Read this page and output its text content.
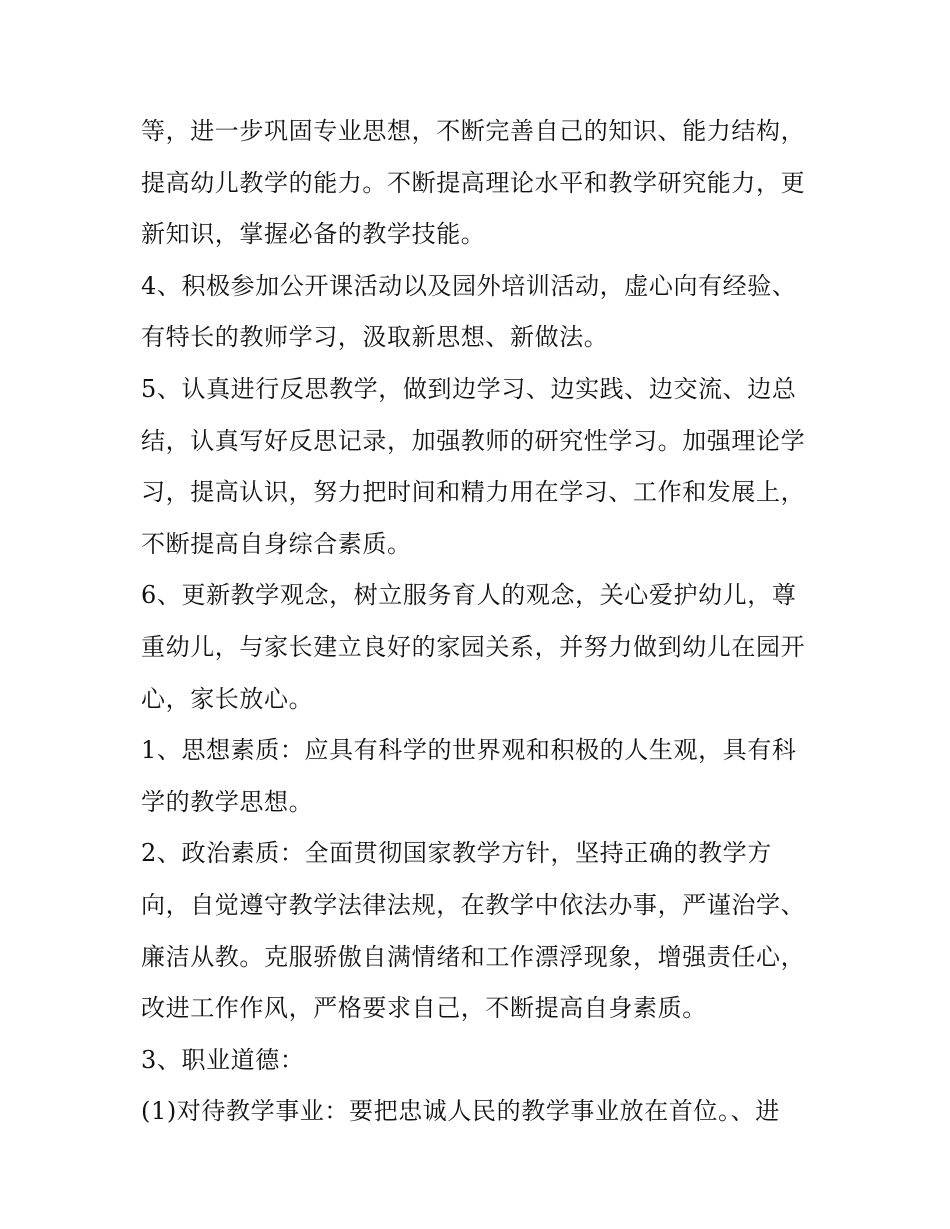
等，进一步巩固专业思想，不断完善自己的知识、能力结构，
提高幼儿教学的能力。不断提高理论水平和教学研究能力，更
新知识，掌握必备的教学技能。
4、积极参加公开课活动以及园外培训活动，虚心向有经验、
有特长的教师学习，汲取新思想、新做法。
5、认真进行反思教学，做到边学习、边实践、边交流、边总
结，认真写好反思记录，加强教师的研究性学习。加强理论学
习，提高认识，努力把时间和精力用在学习、工作和发展上，
不断提高自身综合素质。
6、更新教学观念，树立服务育人的观念，关心爱护幼儿，尊
重幼儿，与家长建立良好的家园关系，并努力做到幼儿在园开
心，家长放心。
1、思想素质：应具有科学的世界观和积极的人生观，具有科
学的教学思想。
2、政治素质：全面贯彻国家教学方针，坚持正确的教学方
向，自觉遵守教学法律法规，在教学中依法办事，严谨治学、
廉洁从教。克服骄傲自满情绪和工作漂浮现象，增强责任心，
改进工作作风，严格要求自己，不断提高自身素质。
3、职业道德：
(1)对待教学事业：要把忠诚人民的教学事业放在首位。、进
